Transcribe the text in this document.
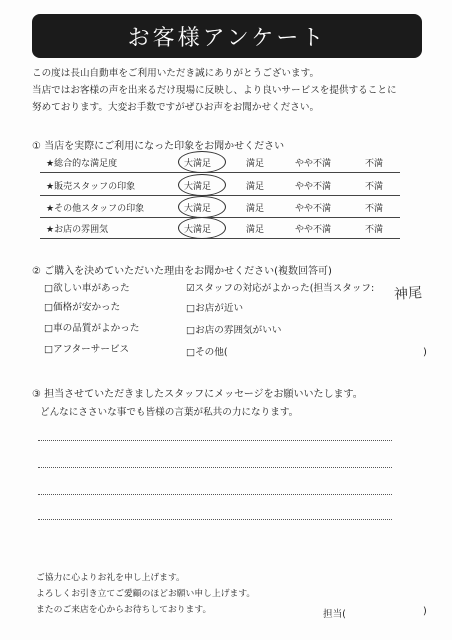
お客様アンケート
この度は長山自動車をご利用いただき誠にありがとうございます。
当店ではお客様の声を出来るだけ現場に反映し、より良いサービスを提供することに
努めております。大変お手数ですがぜひお声をお聞かせください。
① 当店を実際にご利用になった印象をお聞かせください
★総合的な満足度	大満足	満足	やや不満	不満
★販売スタッフの印象	大満足	満足	やや不満	不満
★その他スタッフの印象	大満足	満足	やや不満	不満
★お店の雰囲気	大満足	満足	やや不満	不満
② ご購入を決めていただいた理由をお聞かせください(複数回答可)
□欲しい車があった
□価格が安かった
□車の品質がよかった
□アフターサービス
☑スタッフの対応がよかった(担当スタッフ: 神尾
□お店が近い
□お店の雰囲気がいい
□その他(	)
③ 担当させていただきましたスタッフにメッセージをお願いいたします。
どんなにささいな事でも皆様の言葉が私共の力になります。
ご協力に心よりお礼を申し上げます。
よろしくお引き立てご愛顧のほどお願い申し上げます。
またのご来店を心からお待ちしております。	担当(	)
